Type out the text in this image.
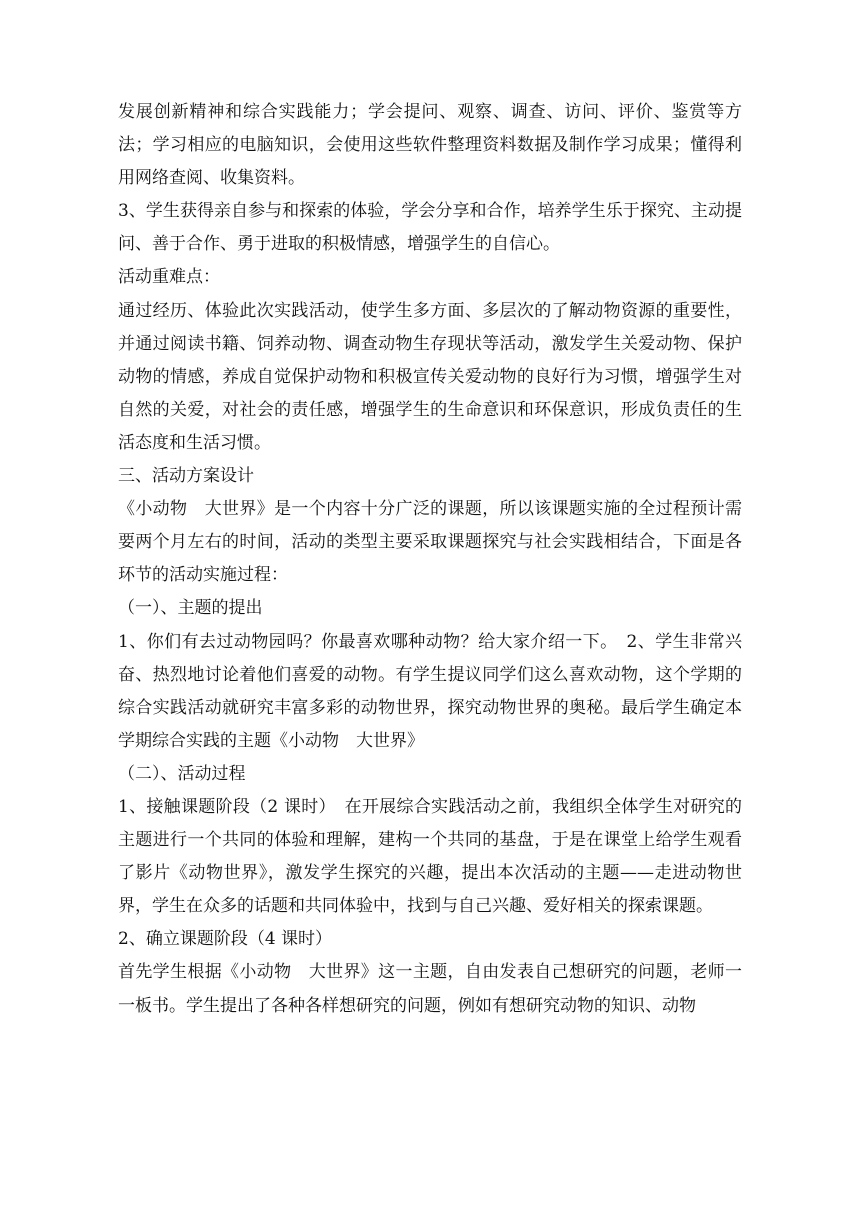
发展创新精神和综合实践能力；学会提问、观察、调查、访问、评价、鉴赏等方法；学习相应的电脑知识，会使用这些软件整理资料数据及制作学习成果；懂得利用网络查阅、收集资料。

3、学生获得亲自参与和探索的体验，学会分享和合作，培养学生乐于探究、主动提问、善于合作、勇于进取的积极情感，增强学生的自信心。

活动重难点：

通过经历、体验此次实践活动，使学生多方面、多层次的了解动物资源的重要性，并通过阅读书籍、饲养动物、调查动物生存现状等活动，激发学生关爱动物、保护动物的情感，养成自觉保护动物和积极宣传关爱动物的良好行为习惯，增强学生对自然的关爱，对社会的责任感，增强学生的生命意识和环保意识，形成负责任的生活态度和生活习惯。

三、活动方案设计

《小动物　大世界》是一个内容十分广泛的课题，所以该课题实施的全过程预计需要两个月左右的时间，活动的类型主要采取课题探究与社会实践相结合，下面是各环节的活动实施过程：

（一）、主题的提出

1、你们有去过动物园吗？你最喜欢哪种动物？给大家介绍一下。　2、学生非常兴奋、热烈地讨论着他们喜爱的动物。有学生提议同学们这么喜欢动物，这个学期的综合实践活动就研究丰富多彩的动物世界，探究动物世界的奥秘。最后学生确定本学期综合实践的主题《小动物　大世界》

（二）、活动过程

1、接触课题阶段（2 课时）　在开展综合实践活动之前，我组织全体学生对研究的主题进行一个共同的体验和理解，建构一个共同的基盘，于是在课堂上给学生观看了影片《动物世界》，激发学生探究的兴趣，提出本次活动的主题——走进动物世界，学生在众多的话题和共同体验中，找到与自己兴趣、爱好相关的探索课题。

2、确立课题阶段（4 课时）

首先学生根据《小动物　大世界》这一主题，自由发表自己想研究的问题，老师一一板书。学生提出了各种各样想研究的问题，例如有想研究动物的知识、动物
